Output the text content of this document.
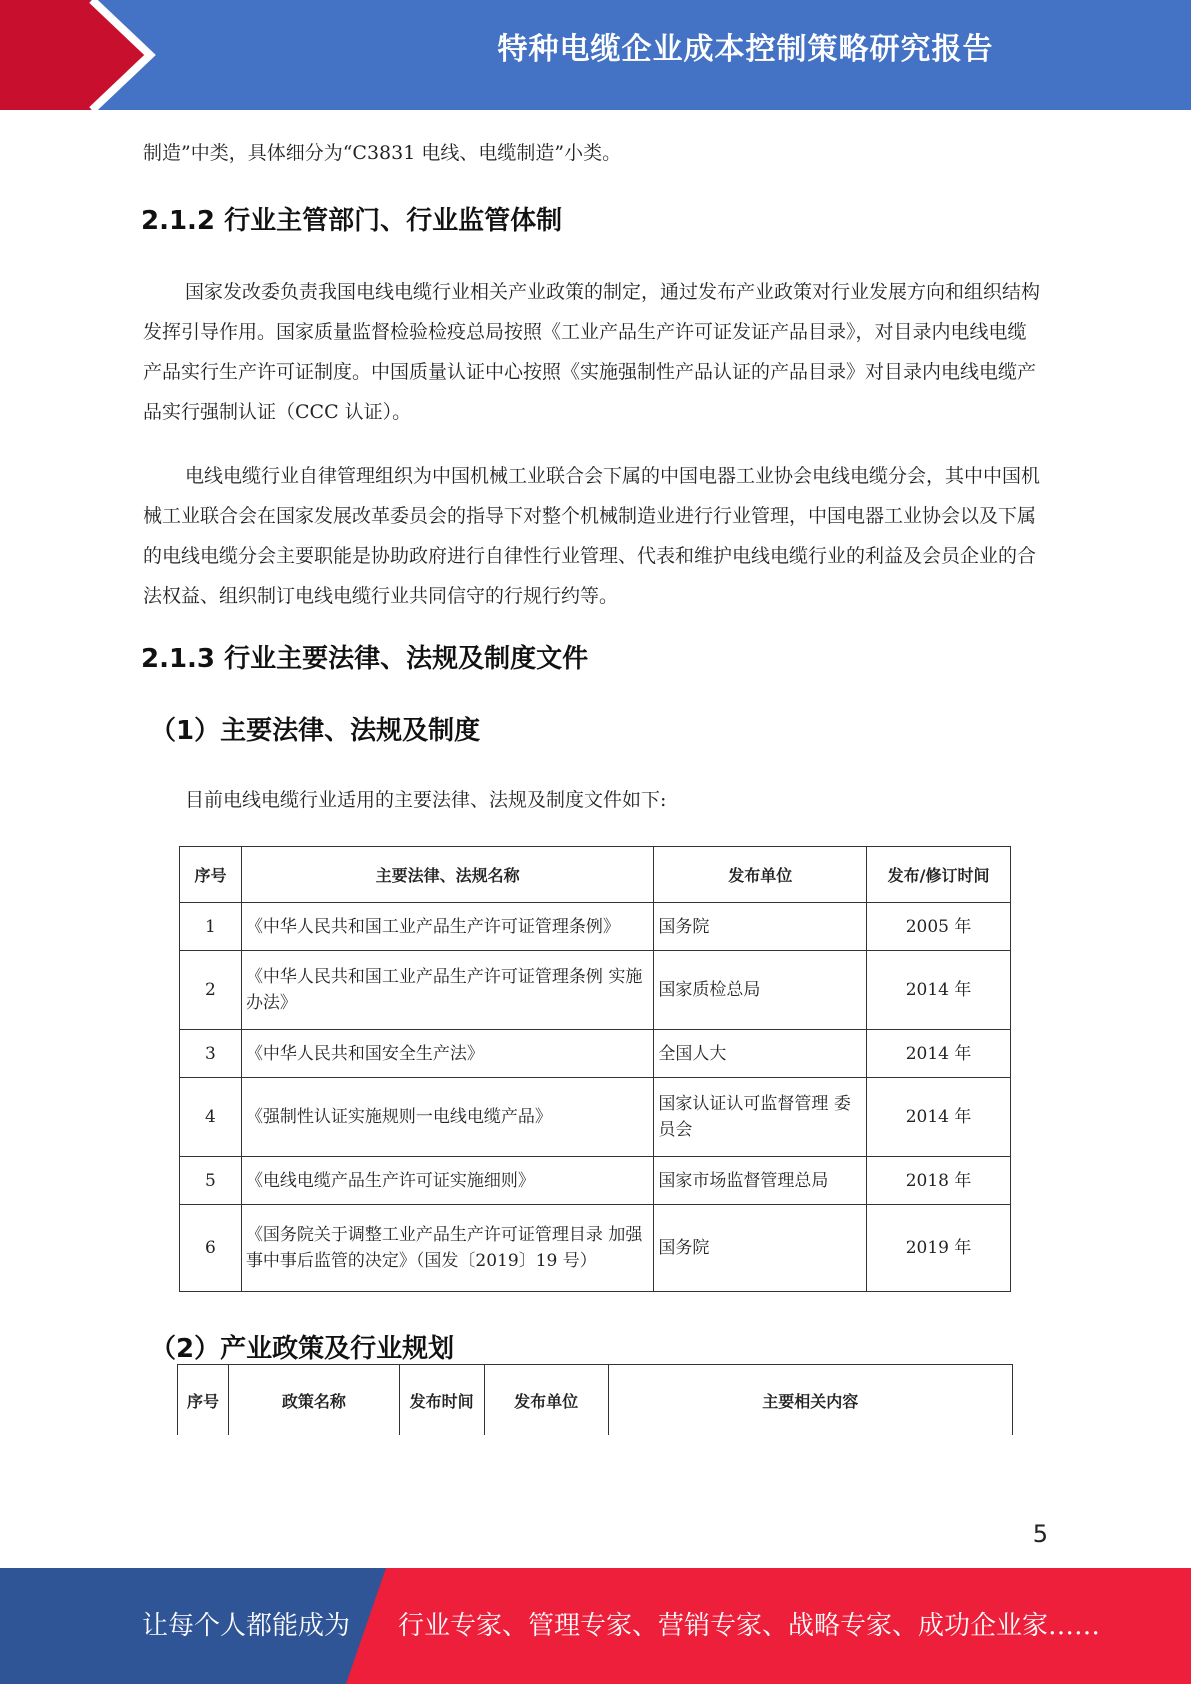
特种电缆企业成本控制策略研究报告

制造”中类，具体细分为“C3831 电线、电缆制造”小类。

2.1.2 行业主管部门、行业监管体制

国家发改委负责我国电线电缆行业相关产业政策的制定，通过发布产业政策对行业发展方向和组织结构发挥引导作用。国家质量监督检验检疫总局按照《工业产品生产许可证发证产品目录》，对目录内电线电缆产品实行生产许可证制度。中国质量认证中心按照《实施强制性产品认证的产品目录》对目录内电线电缆产品实行强制认证（CCC 认证）。

电线电缆行业自律管理组织为中国机械工业联合会下属的中国电器工业协会电线电缆分会，其中中国机械工业联合会在国家发展改革委员会的指导下对整个机械制造业进行行业管理，中国电器工业协会以及下属的电线电缆分会主要职能是协助政府进行自律性行业管理、代表和维护电线电缆行业的利益及会员企业的合法权益、组织制订电线电缆行业共同信守的行规行约等。

2.1.3 行业主要法律、法规及制度文件
（1）主要法律、法规及制度

目前电线电缆行业适用的主要法律、法规及制度文件如下:

序号	主要法律、法规名称	发布单位	发布/修订时间
1	《中华人民共和国工业产品生产许可证管理条例》	国务院	2005 年
2	《中华人民共和国工业产品生产许可证管理条例 实施办法》	国家质检总局	2014 年
3	《中华人民共和国安全生产法》	全国人大	2014 年
4	《强制性认证实施规则一电线电缆产品》	国家认证认可监督管理 委员会	2014 年
5	《电线电缆产品生产许可证实施细则》	国家市场监督管理总局	2018 年
6	《国务院关于调整工业产品生产许可证管理目录 加强事中事后监管的决定》（国发〔2019〕19 号）	国务院	2019 年
（2）产业政策及行业规划
序号	政策名称	发布时间	发布单位	主要相关内容
5
让每个人都能成为 行业专家、管理专家、营销专家、战略专家、成功企业家……
